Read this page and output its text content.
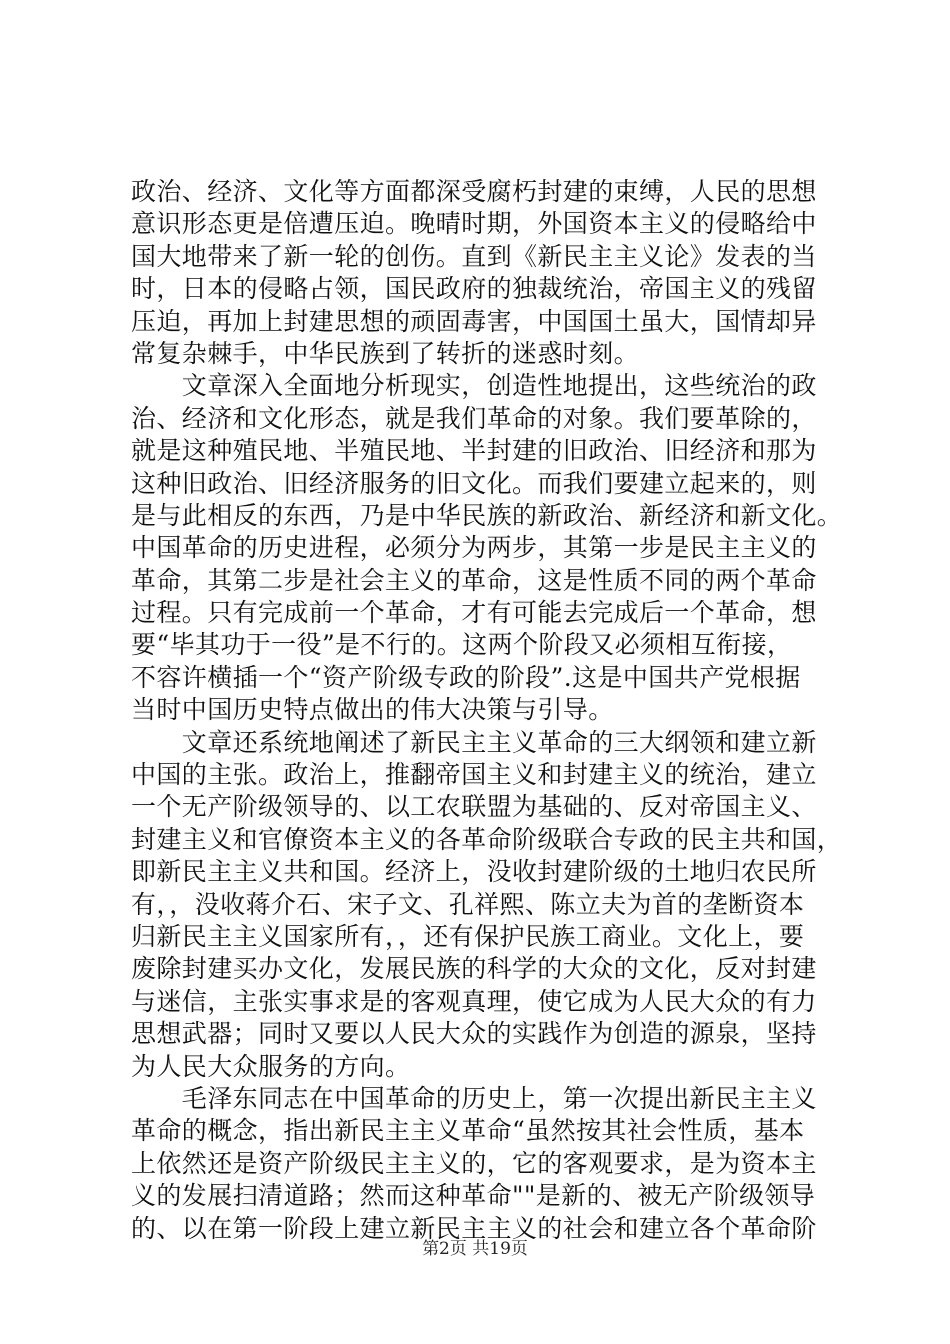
政治、经济、文化等方面都深受腐朽封建的束缚，人民的思想
意识形态更是倍遭压迫。晚晴时期，外国资本主义的侵略给中
国大地带来了新一轮的创伤。直到《新民主主义论》发表的当
时，日本的侵略占领，国民政府的独裁统治，帝国主义的残留
压迫，再加上封建思想的顽固毒害，中国国土虽大，国情却异
常复杂棘手，中华民族到了转折的迷惑时刻。
　　文章深入全面地分析现实，创造性地提出，这些统治的政
治、经济和文化形态，就是我们革命的对象。我们要革除的，
就是这种殖民地、半殖民地、半封建的旧政治、旧经济和那为
这种旧政治、旧经济服务的旧文化。而我们要建立起来的，则
是与此相反的东西，乃是中华民族的新政治、新经济和新文化。
中国革命的历史进程，必须分为两步，其第一步是民主主义的
革命，其第二步是社会主义的革命，这是性质不同的两个革命
过程。只有完成前一个革命，才有可能去完成后一个革命，想
要“毕其功于一役”是不行的。这两个阶段又必须相互衔接，
不容许横插一个“资产阶级专政的阶段”.这是中国共产党根据
当时中国历史特点做出的伟大决策与引导。
　　文章还系统地阐述了新民主主义革命的三大纲领和建立新
中国的主张。政治上，推翻帝国主义和封建主义的统治，建立
一个无产阶级领导的、以工农联盟为基础的、反对帝国主义、
封建主义和官僚资本主义的各革命阶级联合专政的民主共和国，
即新民主主义共和国。经济上，没收封建阶级的土地归农民所
有，，没收蒋介石、宋子文、孔祥熙、陈立夫为首的垄断资本
归新民主主义国家所有，，还有保护民族工商业。文化上，要
废除封建买办文化，发展民族的科学的大众的文化，反对封建
与迷信，主张实事求是的客观真理，使它成为人民大众的有力
思想武器；同时又要以人民大众的实践作为创造的源泉，坚持
为人民大众服务的方向。
　　毛泽东同志在中国革命的历史上，第一次提出新民主主义
革命的概念，指出新民主主义革命“虽然按其社会性质，基本
上依然还是资产阶级民主主义的，它的客观要求，是为资本主
义的发展扫清道路；然而这种革命""是新的、被无产阶级领导
的、以在第一阶段上建立新民主主义的社会和建立各个革命阶
第2页 共19页
